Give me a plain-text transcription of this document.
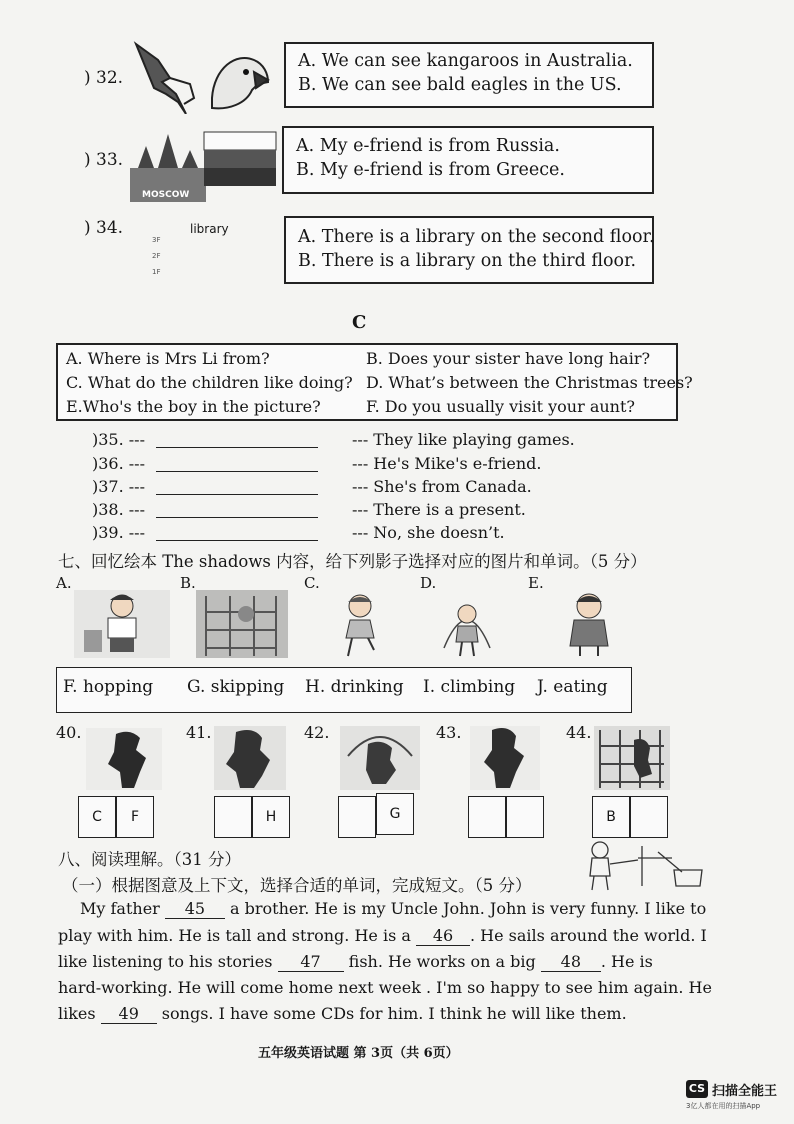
) 32.
A. We can see kangaroos in Australia.
B. We can see bald eagles in the US.
) 33.
MOSCOW
A. My e-friend is from Russia.
B. My e-friend is from Greece.
) 34.	library
3F
2F
1F
A. There is a library on the second floor.
B. There is a library on the third floor.
C
A. Where is Mrs Li from?	B. Does your sister have long hair?
C. What do the children like doing? D. What’s between the Christmas trees?
E.Who's the boy in the picture?	F. Do you usually visit your aunt?
)35. ---	--- They like playing games.
)36. ---	--- He's Mike's e-friend.
)37. ---	--- She's from Canada.
)38. ---	--- There is a present.
)39. ---	--- No, she doesn’t.
七、回忆绘本 The shadows 内容，给下列影子选择对应的图片和单词。（5 分）
A.	B.	C.	D.	E.
F. hopping G. skipping H. drinking I. climbing J. eating
40.
C	F
41.
H
42.
G
43.	44.
B
八、阅读理解。（31 分）
（一）根据图意及上下文，选择合适的单词，完成短文。（5 分）
My father 45 a brother. He is my Uncle John. John is very funny. I like to
play with him. He is tall and strong. He is a 46 . He sails around the world. I
like listening to his stories 47 fish. He works on a big 48 . He is
hard-working. He will come home next week . I'm so happy to see him again. He
likes 49 songs. I have some CDs for him. I think he will like them.
五年级英语试题 第 3页（共 6页）
CS 扫描全能王
3亿人都在用的扫描App
